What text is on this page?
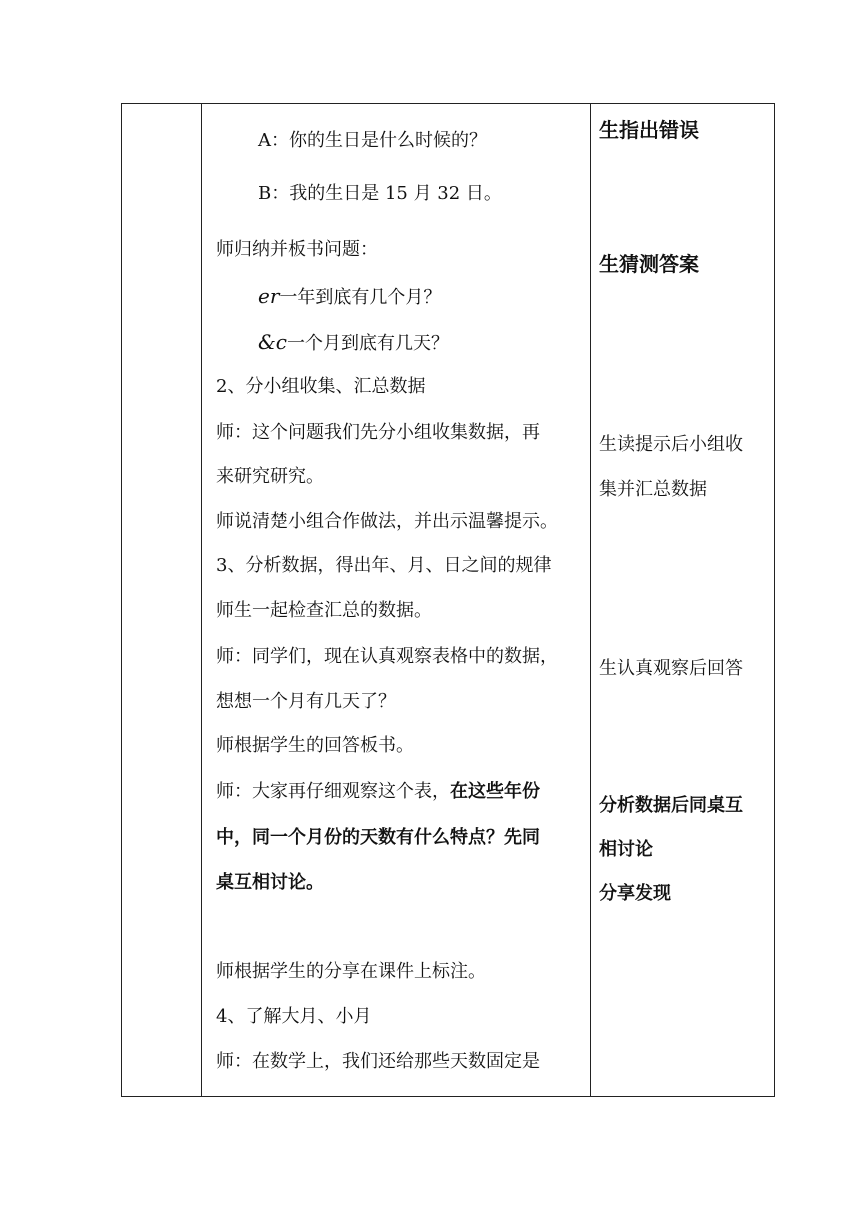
A：你的生日是什么时候的？
B：我的生日是 15 月 32 日。
师归纳并板书问题：
er一年到底有几个月？
&c一个月到底有几天？
2、分小组收集、汇总数据
师：这个问题我们先分小组收集数据，再
来研究研究。
师说清楚小组合作做法，并出示温馨提示。
3、分析数据，得出年、月、日之间的规律
师生一起检查汇总的数据。
师：同学们，现在认真观察表格中的数据，
想想一个月有几天了？
师根据学生的回答板书。
师：大家再仔细观察这个表，在这些年份
中，同一个月份的天数有什么特点？先同
桌互相讨论。
师根据学生的分享在课件上标注。
4、了解大月、小月
师：在数学上，我们还给那些天数固定是
生指出错误
生猜测答案
生读提示后小组收
集并汇总数据
生认真观察后回答
分析数据后同桌互
相讨论
分享发现
